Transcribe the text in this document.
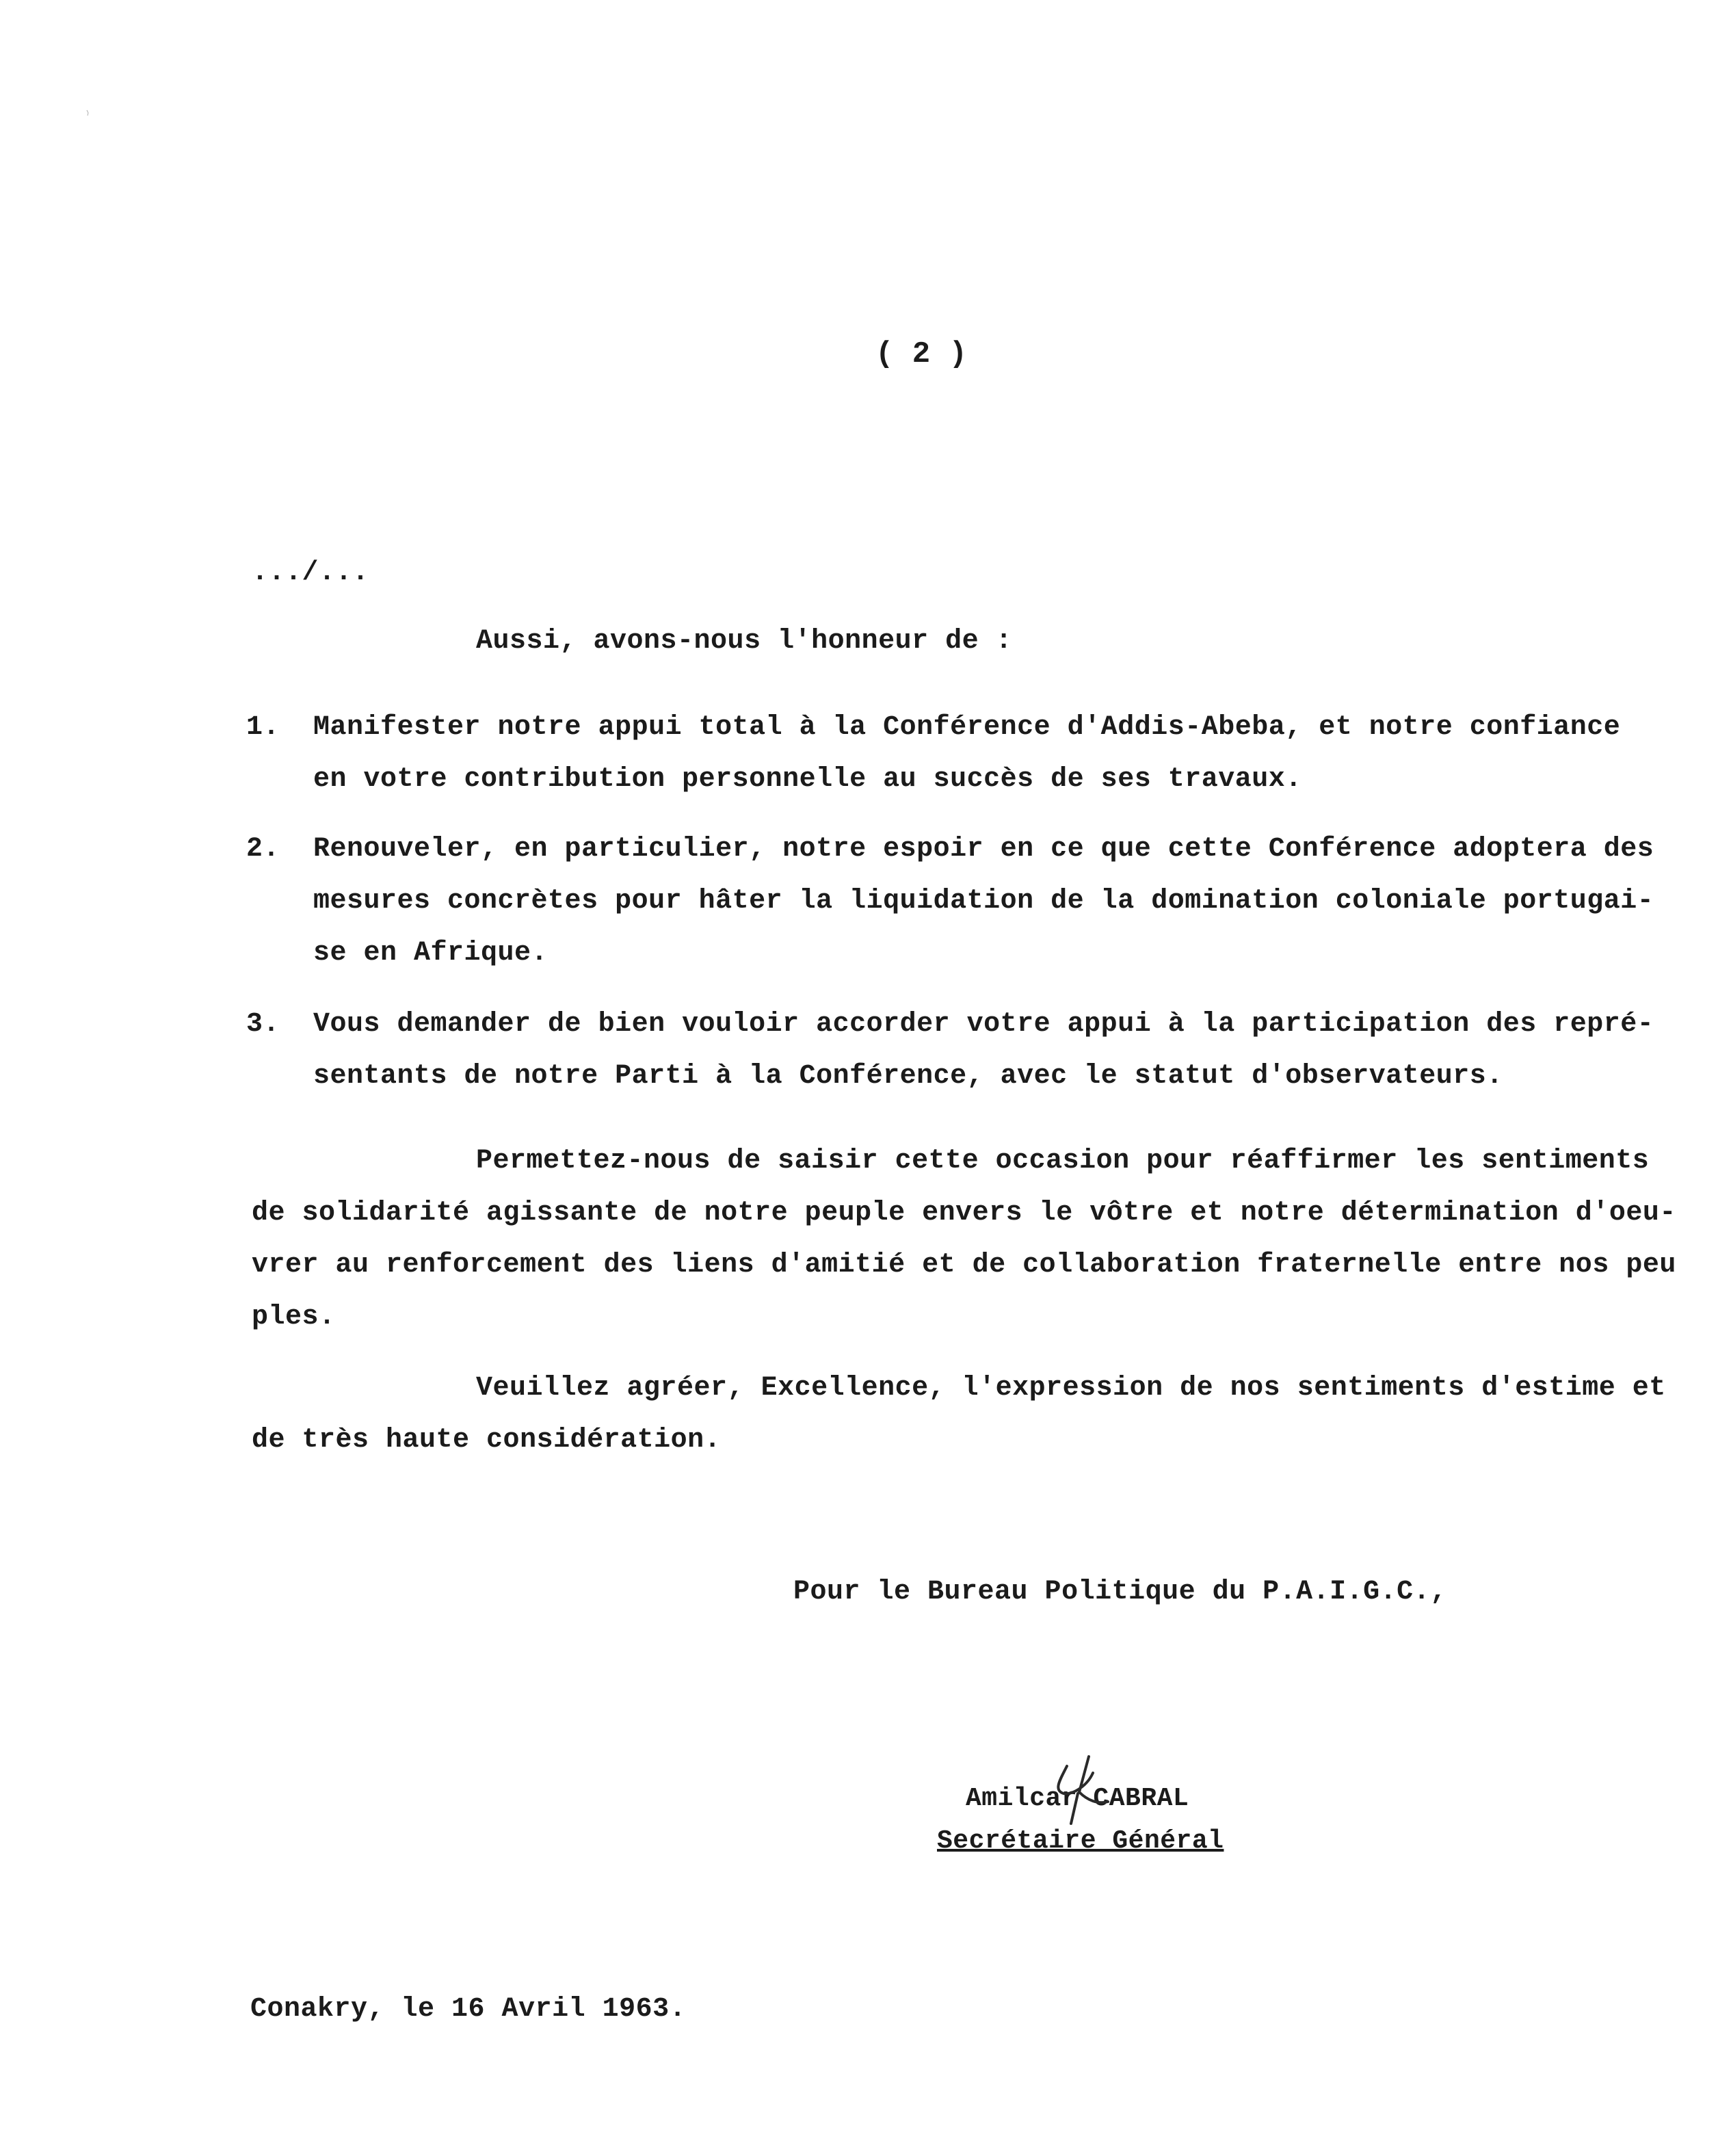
( 2 )
.../...
Aussi, avons-nous l'honneur de :
1. Manifester notre appui total à la Conférence d'Addis-Abeba, et notre confiance
en votre contribution personnelle au succès de ses travaux.
2. Renouveler, en particulier, notre espoir en ce que cette Conférence adoptera des
mesures concrètes pour hâter la liquidation de la domination coloniale portugai-
se en Afrique.
3. Vous demander de bien vouloir accorder votre appui à la participation des repré-
sentants de notre Parti à la Conférence, avec le statut d'observateurs.
Permettez-nous de saisir cette occasion pour réaffirmer les sentiments
de solidarité agissante de notre peuple envers le vôtre et notre détermination d'oeu-
vrer au renforcement des liens d'amitié et de collaboration fraternelle entre nos peu
ples.
Veuillez agréer, Excellence, l'expression de nos sentiments d'estime et
de très haute considération.
Pour le Bureau Politique du P.A.I.G.C.,
Amilcar CABRAL
Secrétaire Général
Conakry, le 16 Avril 1963.
